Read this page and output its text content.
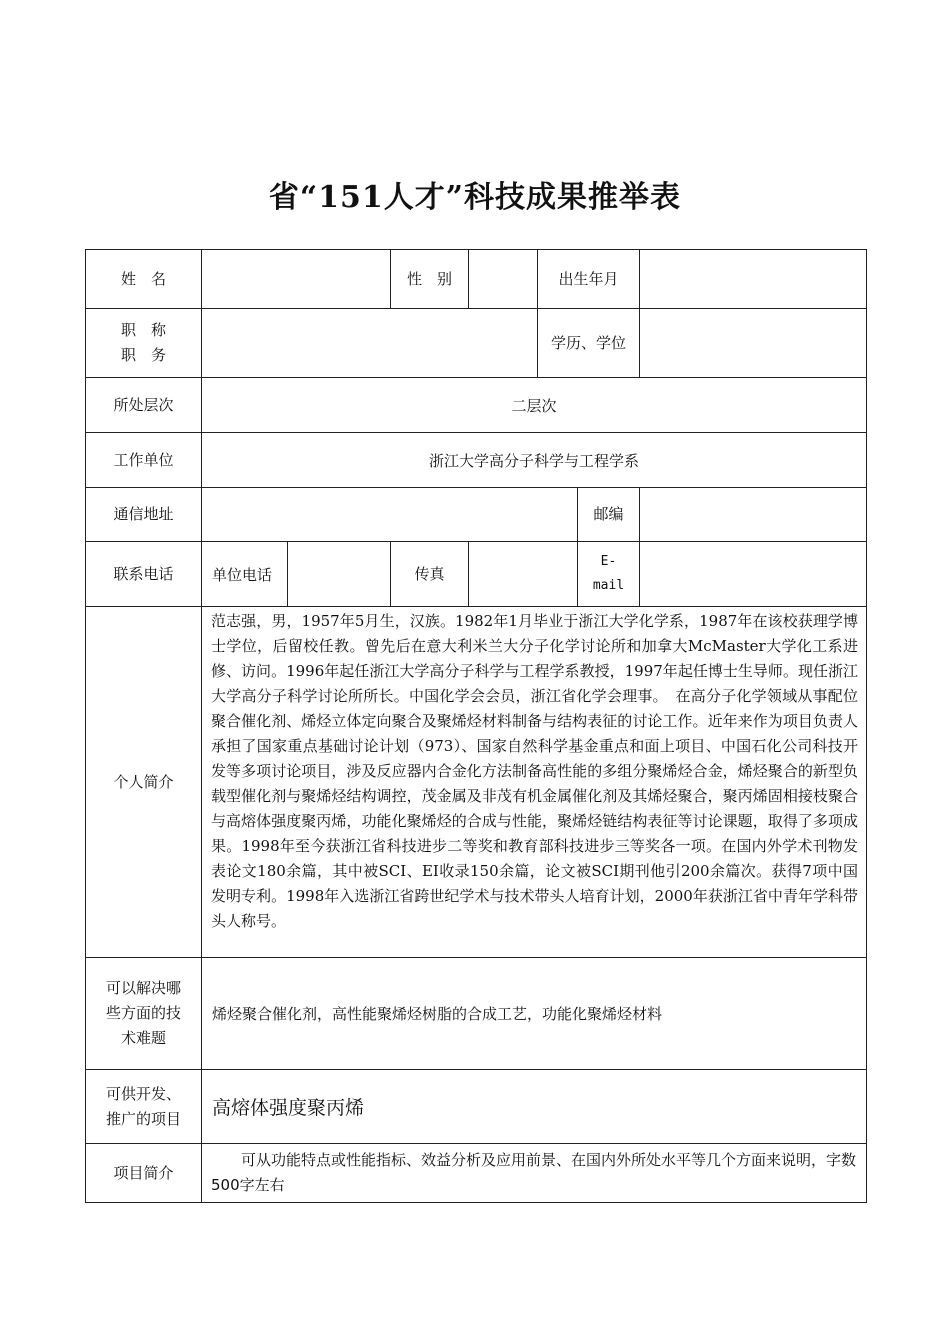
省“151人才”科技成果推举表
姓　名			性　别		出生年月		

职　称
职　务					学历、学位		
所处层次	二层次						
工作单位	浙江大学高分子科学与工程学系						
通信地址						邮编	
联系电话	单位电话		传真			E-
mail	

个人简介	范志强，男，1957年5月生，汉族。1982年1月毕业于浙江大学化学系，1987年在该校获理学博士学位，后留校任教。曾先后在意大利米兰大分子化学讨论所和加拿大McMaster大学化工系进修、访问。1996年起任浙江大学高分子科学与工程学系教授，1997年起任博士生导师。现任浙江大学高分子科学讨论所所长。中国化学会会员，浙江省化学会理事。　在高分子化学领域从事配位聚合催化剂、烯烃立体定向聚合及聚烯烃材料制备与结构表征的讨论工作。近年来作为项目负责人承担了国家重点基础讨论计划（973）、国家自然科学基金重点和面上项目、中国石化公司科技开发等多项讨论项目，涉及反应器内合金化方法制备高性能的多组分聚烯烃合金，烯烃聚合的新型负载型催化剂与聚烯烃结构调控，茂金属及非茂有机金属催化剂及其烯烃聚合，聚丙烯固相接枝聚合与高熔体强度聚丙烯，功能化聚烯烃的合成与性能，聚烯烃链结构表征等讨论课题，取得了多项成果。1998年至今获浙江省科技进步二等奖和教育部科技进步三等奖各一项。在国内外学术刊物发表论文180余篇，其中被SCI、EI收录150余篇，论文被SCI期刊他引200余篇次。获得7项中国发明专利。1998年入选浙江省跨世纪学术与技术带头人培育计划，2000年获浙江省中青年学科带头人称号。						

可以解决哪
些方面的技
术难题	烯烃聚合催化剂，高性能聚烯烃树脂的合成工艺，功能化聚烯烃材料						

可供开发、
推广的项目	高熔体强度聚丙烯						
项目简介	可从功能特点或性能指标、效益分析及应用前景、在国内外所处水平等几个方面来说明，字数500字左右						
